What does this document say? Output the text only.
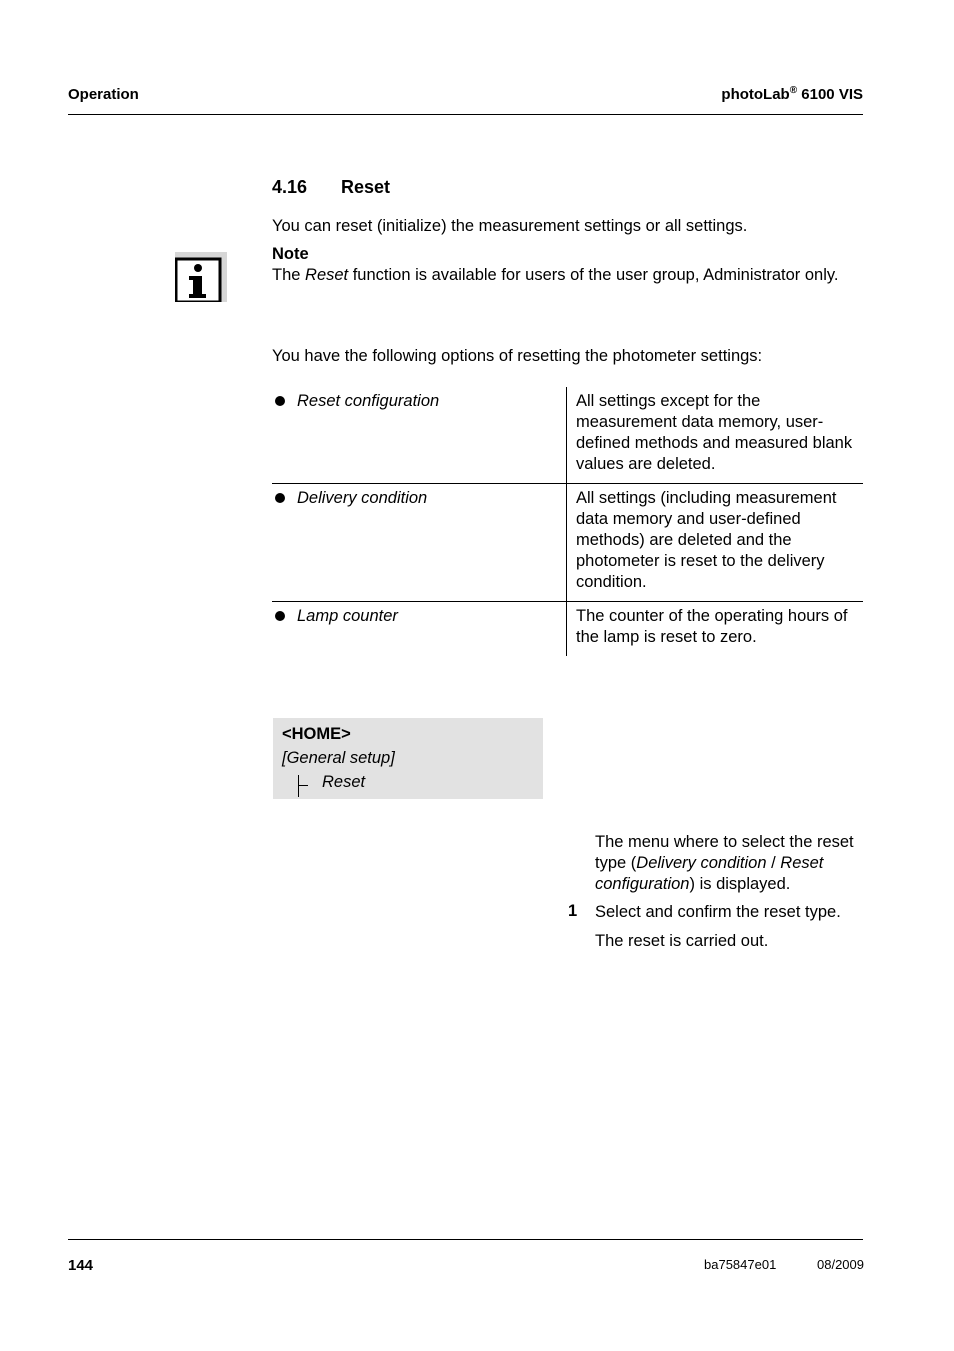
Operation	photoLab® 6100 VIS
4.16 Reset
You can reset (initialize) the measurement settings or all settings.
Note
The Reset function is available for users of the user group, Administrator only.
You have the following options of resetting the photometer settings:
Reset configuration	All settings except for the measurement data memory, user-defined methods and measured blank values are deleted.
Delivery condition	All settings (including measurement data memory and user-defined methods) are deleted and the photometer is reset to the delivery condition.
Lamp counter	The counter of the operating hours of the lamp is reset to zero.
<HOME>
[General setup]
Reset
The menu where to select the reset type (Delivery condition / Reset configuration) is displayed.
1 Select and confirm the reset type.
The reset is carried out.
144	ba75847e01	08/2009
